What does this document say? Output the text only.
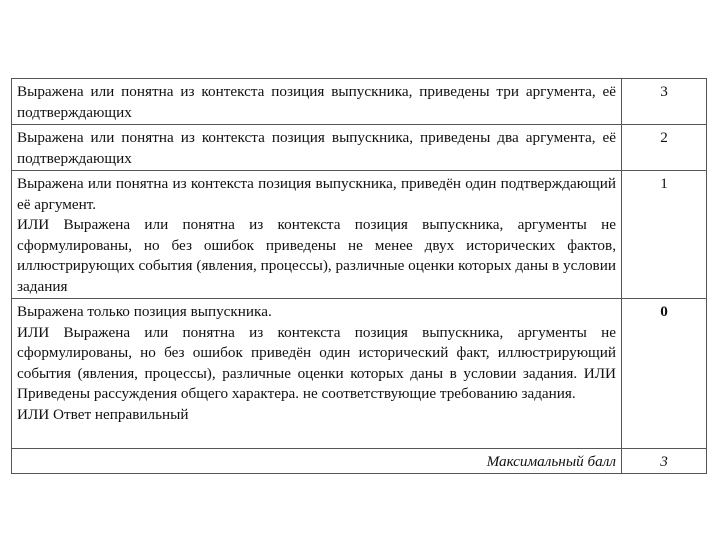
Выражена или понятна из контекста позиция выпускника, приведены три аргумента, её подтверждающих	3

Выражена или понятна из контекста позиция выпускника, приведены два аргумента, её подтверждающих	2

Выражена или понятна из контекста позиция выпускника, приведён один подтверждающий её аргумент.
ИЛИ Выражена или понятна из контекста позиция выпускника, аргументы не сформулированы, но без ошибок приведены не менее двух исторических фактов, иллюстрирующих события (явления, процессы), различные оценки которых даны в условии задания	1

Выражена только позиция выпускника.
ИЛИ Выражена или понятна из контекста позиция выпускника, аргументы не сформулированы, но без ошибок приведён один исторический факт, иллюстрирующий события (явления, процессы), различные оценки которых даны в условии задания. ИЛИ Приведены рассуждения общего характера. не соответствующие требованию задания.
ИЛИ Ответ неправильный	0
Максимальный балл	3
